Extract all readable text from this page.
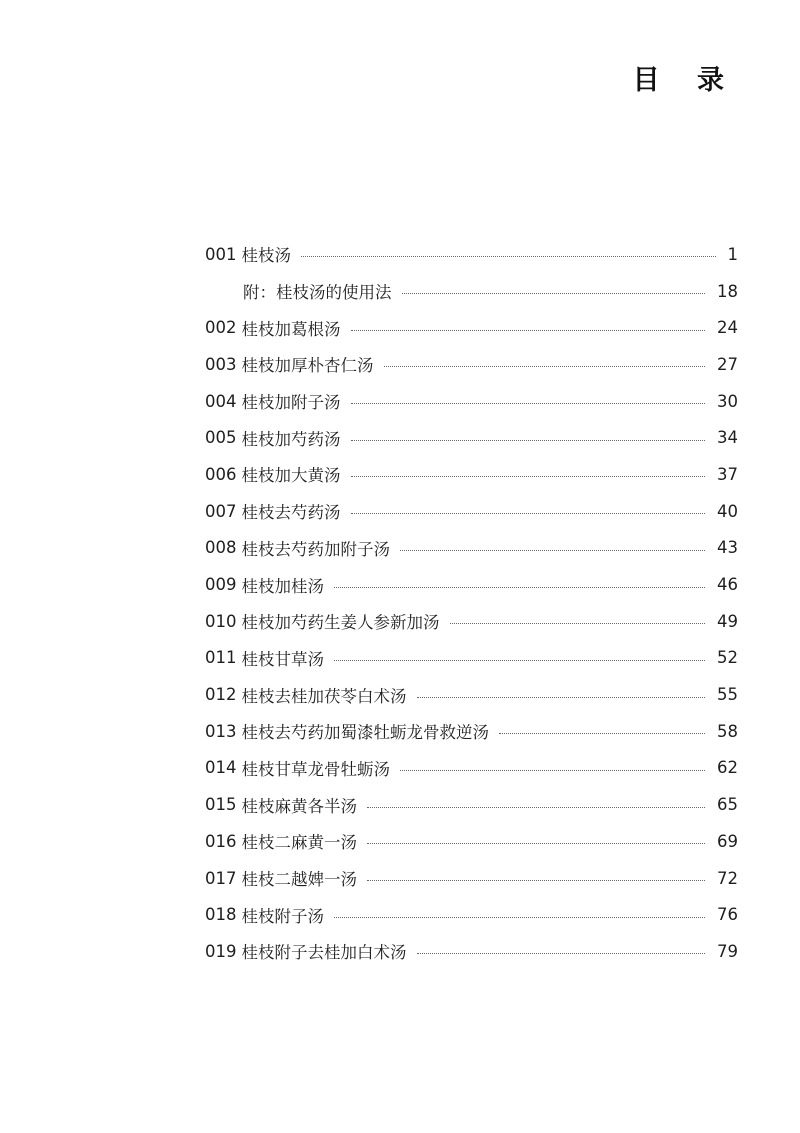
目 录
001 桂枝汤	1
附：桂枝汤的使用法	18
002 桂枝加葛根汤	24
003 桂枝加厚朴杏仁汤	27
004 桂枝加附子汤	30
005 桂枝加芍药汤	34
006 桂枝加大黄汤	37
007 桂枝去芍药汤	40
008 桂枝去芍药加附子汤	43
009 桂枝加桂汤	46
010 桂枝加芍药生姜人参新加汤	49
011 桂枝甘草汤	52
012 桂枝去桂加茯苓白术汤	55
013 桂枝去芍药加蜀漆牡蛎龙骨救逆汤	58
014 桂枝甘草龙骨牡蛎汤	62
015 桂枝麻黄各半汤	65
016 桂枝二麻黄一汤	69
017 桂枝二越婢一汤	72
018 桂枝附子汤	76
019 桂枝附子去桂加白术汤	79
